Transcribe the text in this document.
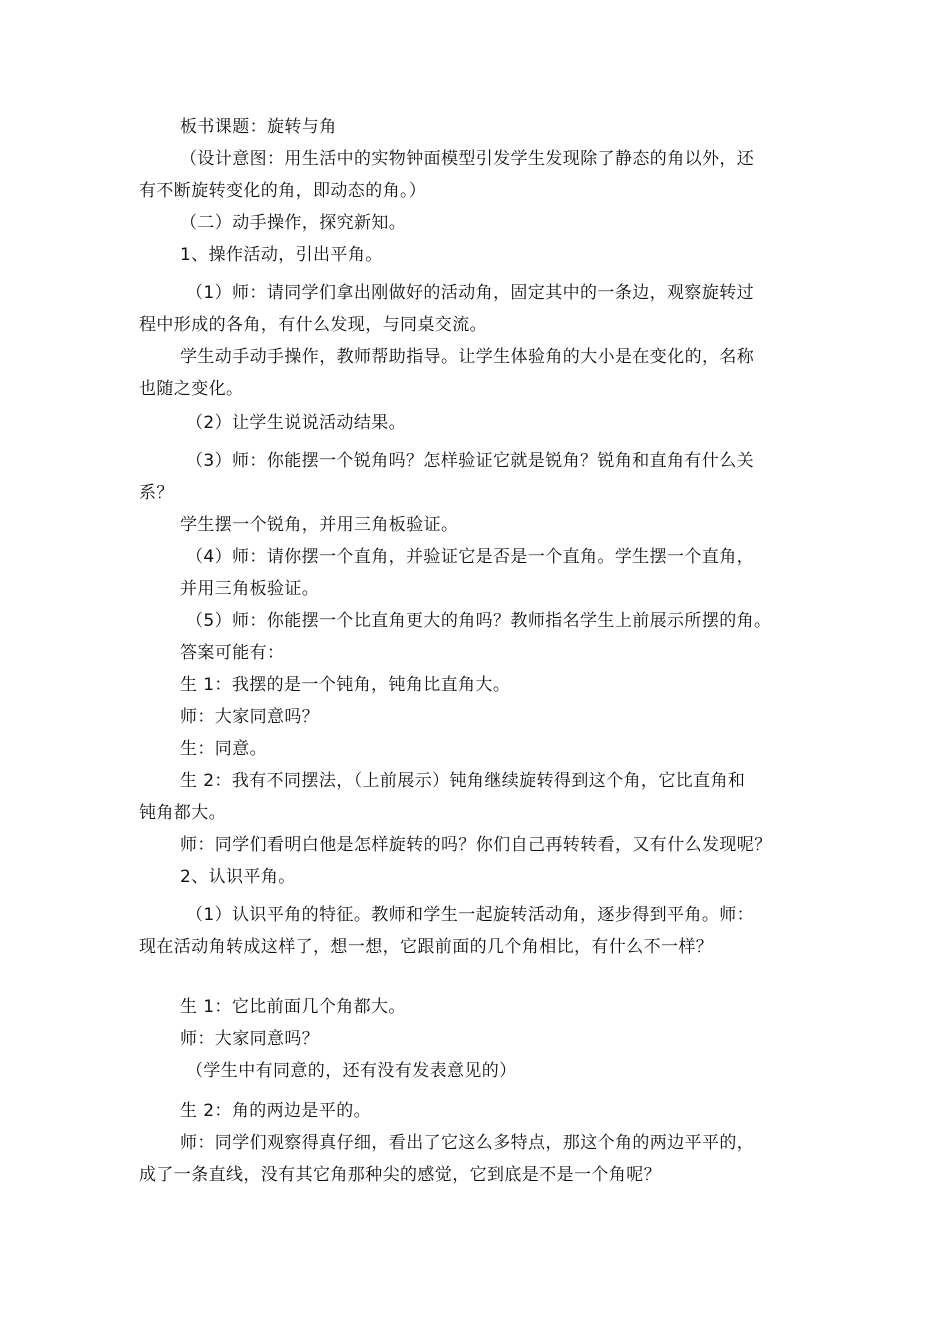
板书课题：旋转与角
（设计意图：用生活中的实物钟面模型引发学生发现除了静态的角以外，还
有不断旋转变化的角，即动态的角。）
（二）动手操作，探究新知。
1、操作活动，引出平角。
（1）师：请同学们拿出刚做好的活动角，固定其中的一条边，观察旋转过
程中形成的各角，有什么发现，与同桌交流。
学生动手动手操作，教师帮助指导。让学生体验角的大小是在变化的，名称
也随之变化。
（2）让学生说说活动结果。
（3）师：你能摆一个锐角吗？怎样验证它就是锐角？锐角和直角有什么关
系？
学生摆一个锐角，并用三角板验证。
（4）师：请你摆一个直角，并验证它是否是一个直角。学生摆一个直角，
并用三角板验证。
（5）师：你能摆一个比直角更大的角吗？教师指名学生上前展示所摆的角。
答案可能有：
生 1：我摆的是一个钝角，钝角比直角大。
师：大家同意吗？
生：同意。
生 2：我有不同摆法，（上前展示）钝角继续旋转得到这个角，它比直角和
钝角都大。
师：同学们看明白他是怎样旋转的吗？你们自己再转转看，又有什么发现呢？
2、认识平角。
（1）认识平角的特征。教师和学生一起旋转活动角，逐步得到平角。师：
现在活动角转成这样了，想一想，它跟前面的几个角相比，有什么不一样？
生 1：它比前面几个角都大。
师：大家同意吗？
（学生中有同意的，还有没有发表意见的）
生 2：角的两边是平的。
师：同学们观察得真仔细，看出了它这么多特点，那这个角的两边平平的，
成了一条直线，没有其它角那种尖的感觉，它到底是不是一个角呢？
